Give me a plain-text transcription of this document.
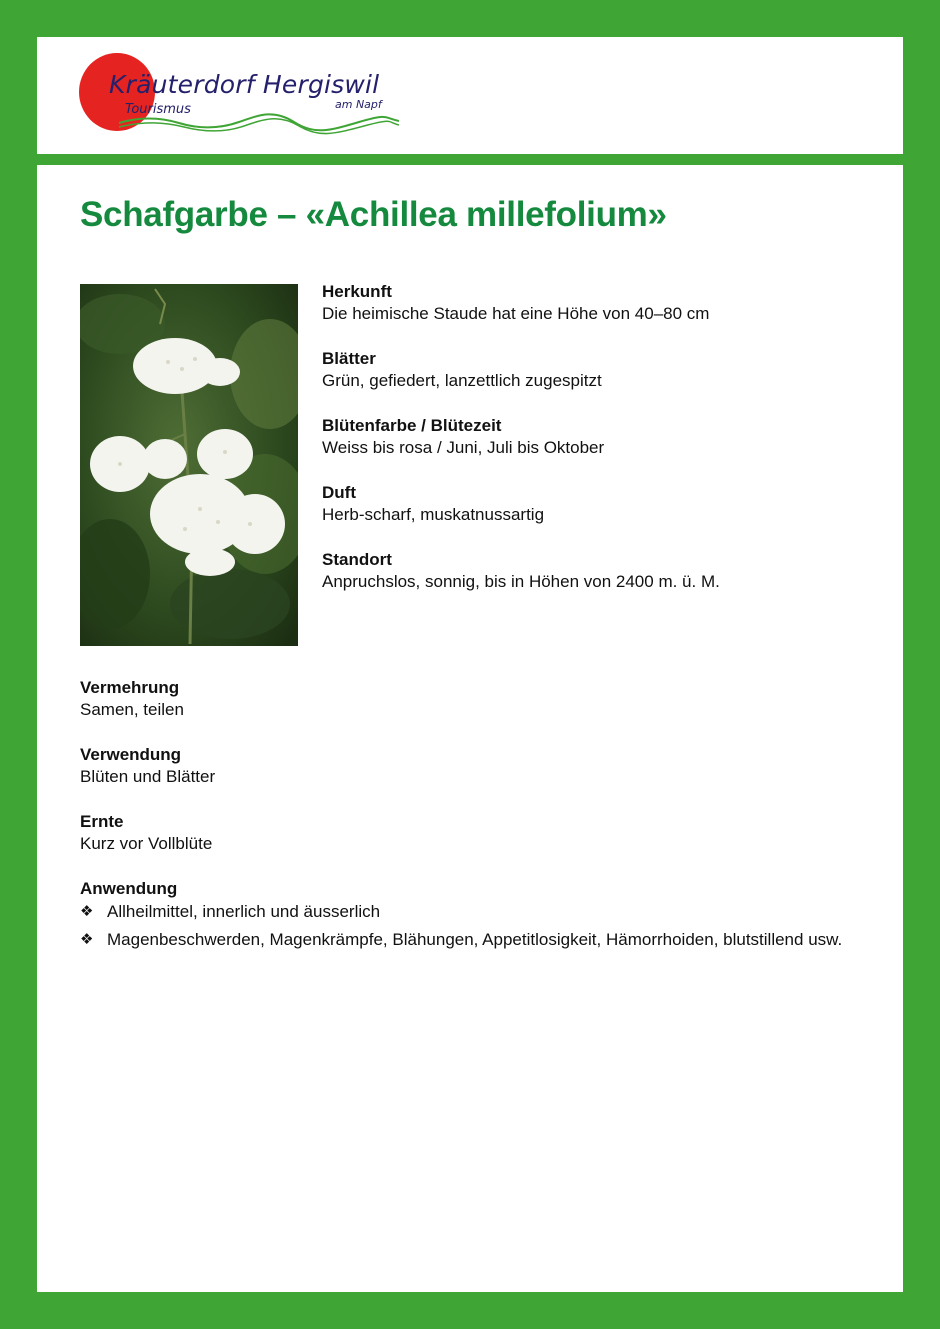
Kräuterdorf Hergiswil
am Napf
Tourismus
Schafgarbe – «Achillea millefolium»
Herkunft
Die heimische Staude hat eine Höhe von 40–80 cm
Blätter
Grün, gefiedert, lanzettlich zugespitzt
Blütenfarbe / Blütezeit
Weiss bis rosa / Juni, Juli bis Oktober
Duft
Herb-scharf, muskatnussartig
Standort
Anpruchslos, sonnig, bis in Höhen von 2400 m. ü. M.
Vermehrung
Samen, teilen
Verwendung
Blüten und Blätter
Ernte
Kurz vor Vollblüte
Anwendung
❖ Allheilmittel, innerlich und äusserlich
❖ Magenbeschwerden, Magenkrämpfe, Blähungen, Appetitlosigkeit, Hämorrhoiden, blutstillend usw.
